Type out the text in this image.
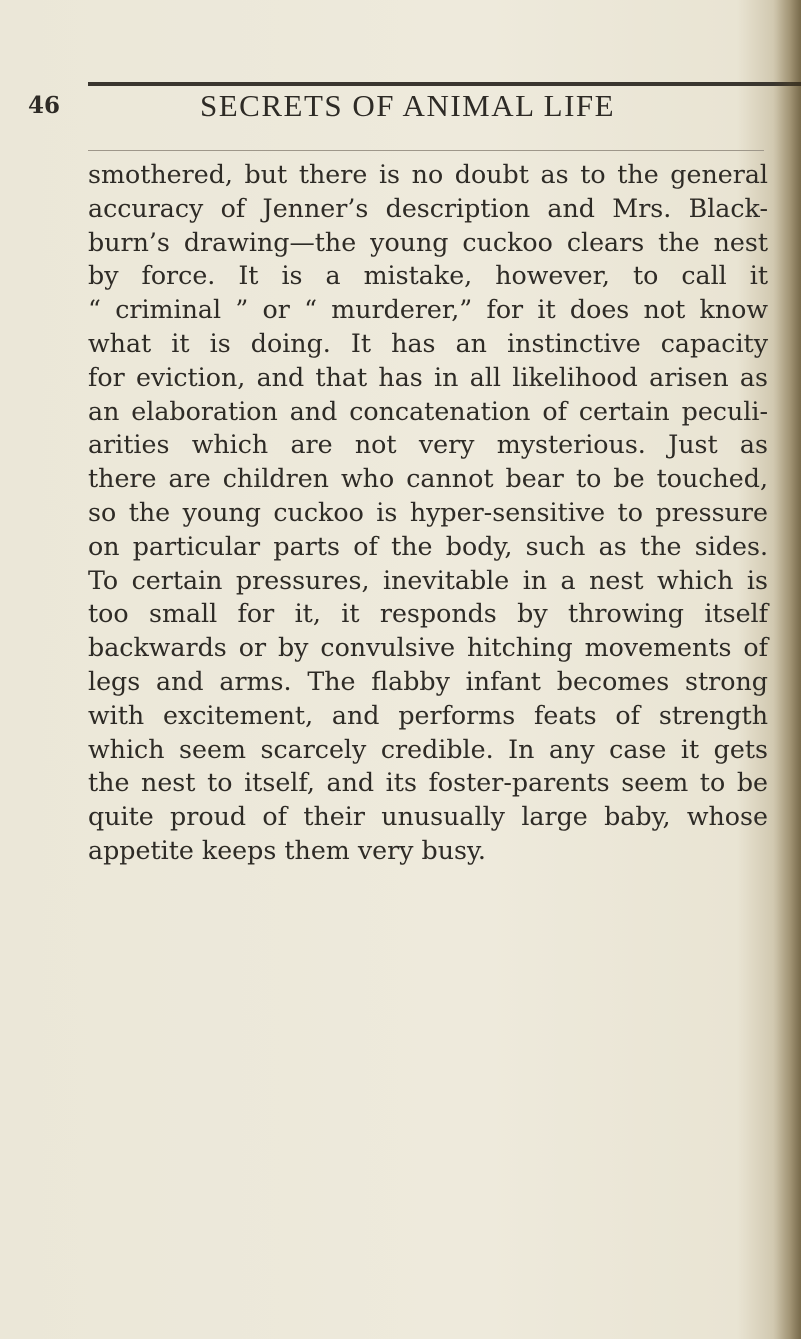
46	SECRETS OF ANIMAL LIFE

smothered, but there is no doubt as to the general
accuracy of Jenner’s description and Mrs. Black-
burn’s drawing—the young cuckoo clears the nest
by force. It is a mistake, however, to call it
“ criminal ” or “ murderer,” for it does not know
what it is doing. It has an instinctive capacity
for eviction, and that has in all likelihood arisen as
an elaboration and concatenation of certain peculi-
arities which are not very mysterious. Just as
there are children who cannot bear to be touched,
so the young cuckoo is hyper-sensitive to pressure
on particular parts of the body, such as the sides.
To certain pressures, inevitable in a nest which is
too small for it, it responds by throwing itself
backwards or by convulsive hitching movements of
legs and arms. The flabby infant becomes strong
with excitement, and performs feats of strength
which seem scarcely credible. In any case it gets
the nest to itself, and its foster-parents seem to be
quite proud of their unusually large baby, whose
appetite keeps them very busy.
